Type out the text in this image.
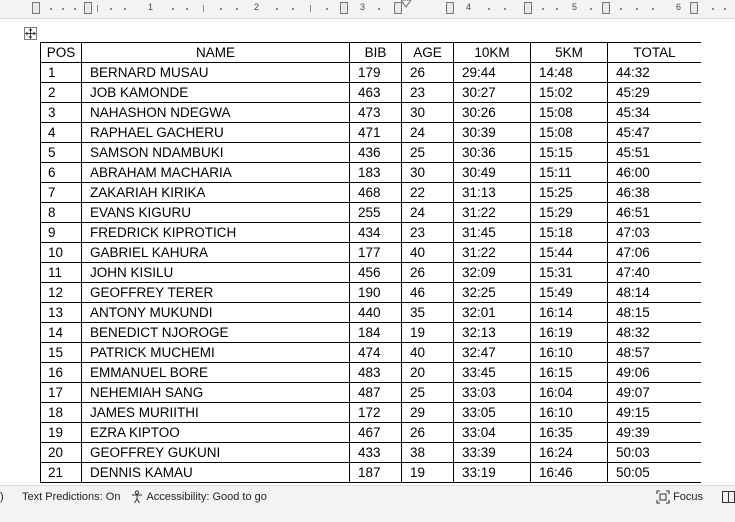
1	2	3	4	5	6
POS	NAME	BIB	AGE	10KM	5KM	TOTAL
1	BERNARD MUSAU	179	26	29:44	14:48	44:32
2	JOB KAMONDE	463	23	30:27	15:02	45:29
3	NAHASHON NDEGWA	473	30	30:26	15:08	45:34
4	RAPHAEL GACHERU	471	24	30:39	15:08	45:47
5	SAMSON NDAMBUKI	436	25	30:36	15:15	45:51
6	ABRAHAM MACHARIA	183	30	30:49	15:11	46:00
7	ZAKARIAH KIRIKA	468	22	31:13	15:25	46:38
8	EVANS KIGURU	255	24	31:22	15:29	46:51
9	FREDRICK KIPROTICH	434	23	31:45	15:18	47:03
10	GABRIEL KAHURA	177	40	31:22	15:44	47:06
11	JOHN KISILU	456	26	32:09	15:31	47:40
12	GEOFFREY TERER	190	46	32:25	15:49	48:14
13	ANTONY MUKUNDI	440	35	32:01	16:14	48:15
14	BENEDICT NJOROGE	184	19	32:13	16:19	48:32
15	PATRICK MUCHEMI	474	40	32:47	16:10	48:57
16	EMMANUEL BORE	483	20	33:45	16:15	49:06
17	NEHEMIAH SANG	487	25	33:03	16:04	49:07
18	JAMES MURIITHI	172	29	33:05	16:10	49:15
19	EZRA KIPTOO	467	26	33:04	16:35	49:39
20	GEOFFREY GUKUNI	433	38	33:39	16:24	50:03
21	DENNIS KAMAU	187	19	33:19	16:46	50:05
) Text Predictions: On	Accessibility: Good to go	Focus
